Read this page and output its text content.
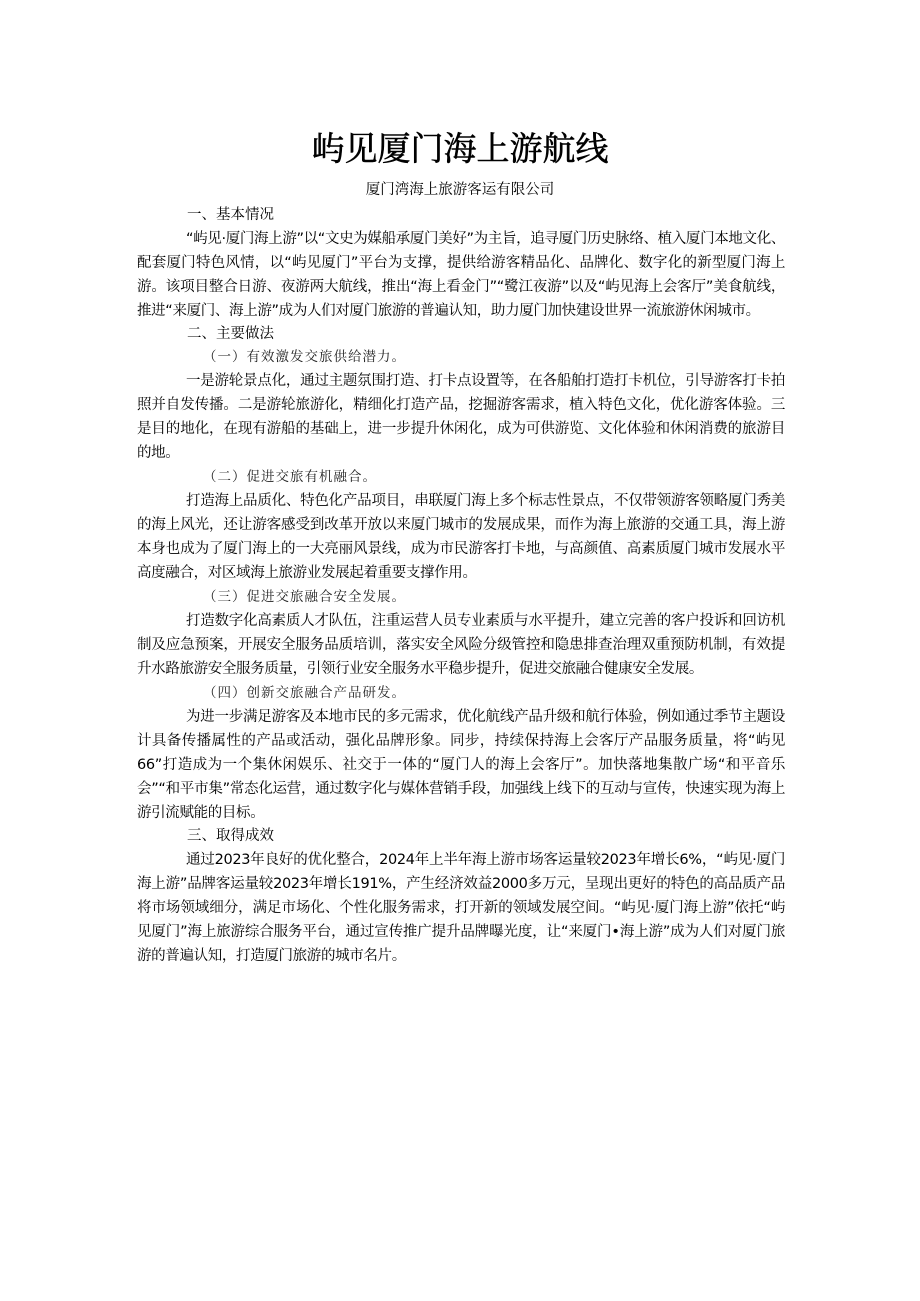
屿见厦门海上游航线
厦门湾海上旅游客运有限公司

一、基本情况

“屿见·厦门海上游”以“文史为媒船承厦门美好”为主旨，追寻厦门历史脉络、植入厦门本地文化、配套厦门特色风情，以“屿见厦门”平台为支撑，提供给游客精品化、品牌化、数字化的新型厦门海上游。该项目整合日游、夜游两大航线，推出“海上看金门”“鹭江夜游”以及“屿见海上会客厅”美食航线，推进“来厦门、海上游”成为人们对厦门旅游的普遍认知，助力厦门加快建设世界一流旅游休闲城市。

二、主要做法

（一）有效激发交旅供给潜力。

一是游轮景点化，通过主题氛围打造、打卡点设置等，在各船舶打造打卡机位，引导游客打卡拍照并自发传播。二是游轮旅游化，精细化打造产品，挖掘游客需求，植入特色文化，优化游客体验。三是目的地化，在现有游船的基础上，进一步提升休闲化，成为可供游览、文化体验和休闲消费的旅游目的地。

（二）促进交旅有机融合。

打造海上品质化、特色化产品项目，串联厦门海上多个标志性景点，不仅带领游客领略厦门秀美的海上风光，还让游客感受到改革开放以来厦门城市的发展成果，而作为海上旅游的交通工具，海上游本身也成为了厦门海上的一大亮丽风景线，成为市民游客打卡地，与高颜值、高素质厦门城市发展水平高度融合，对区域海上旅游业发展起着重要支撑作用。

（三）促进交旅融合安全发展。

打造数字化高素质人才队伍，注重运营人员专业素质与水平提升，建立完善的客户投诉和回访机制及应急预案，开展安全服务品质培训，落实安全风险分级管控和隐患排查治理双重预防机制，有效提升水路旅游安全服务质量，引领行业安全服务水平稳步提升，促进交旅融合健康安全发展。

（四）创新交旅融合产品研发。

为进一步满足游客及本地市民的多元需求，优化航线产品升级和航行体验，例如通过季节主题设计具备传播属性的产品或活动，强化品牌形象。同步，持续保持海上会客厅产品服务质量，将“屿见66”打造成为一个集休闲娱乐、社交于一体的“厦门人的海上会客厅”。加快落地集散广场“和平音乐会”“和平市集”常态化运营，通过数字化与媒体营销手段，加强线上线下的互动与宣传，快速实现为海上游引流赋能的目标。

三、取得成效

通过2023年良好的优化整合，2024年上半年海上游市场客运量较2023年增长6%，“屿见·厦门海上游”品牌客运量较2023年增长191%，产生经济效益2000多万元，呈现出更好的特色的高品质产品将市场领域细分，满足市场化、个性化服务需求，打开新的领域发展空间。“屿见·厦门海上游”依托“屿见厦门”海上旅游综合服务平台，通过宣传推广提升品牌曝光度，让“来厦门•海上游”成为人们对厦门旅游的普遍认知，打造厦门旅游的城市名片。
